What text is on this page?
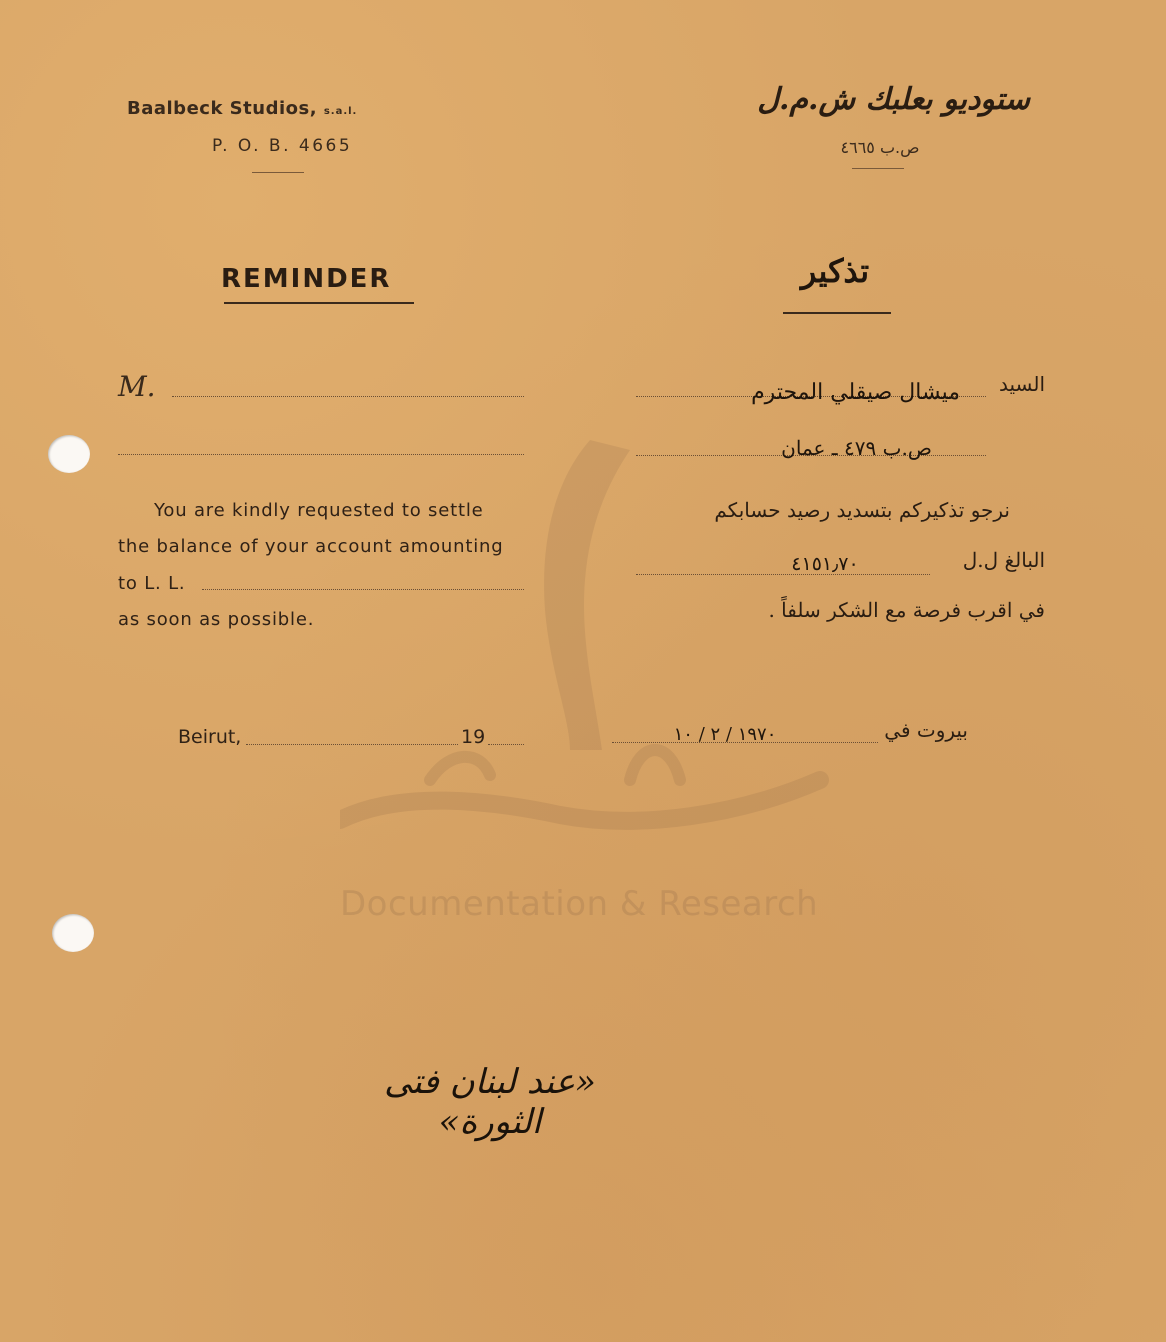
Documentation & Research
Baalbeck Studios, s.a.l.
P. O. B. 4665
ستوديو بعلبك ش.م.ل
ص.ب ٤٦٦٥
REMINDER	تذكير
M.
You are kindly requested to settle
the balance of your account amounting
to L. L.
as soon as possible.
Beirut,	19
السيد
ميشال صيقلي المحترم
ص.ب ٤٧٩ ـ عمان
نرجو تذكيركم بتسديد رصيد حسابكم
البالغ ل.ل
٤١٥١٫٧٠
في اقرب فرصة مع الشكر سلفاً .
بيروت في
١٩٧٠ / ٢ / ١٠
«عند لبنان فتى الثورة»
